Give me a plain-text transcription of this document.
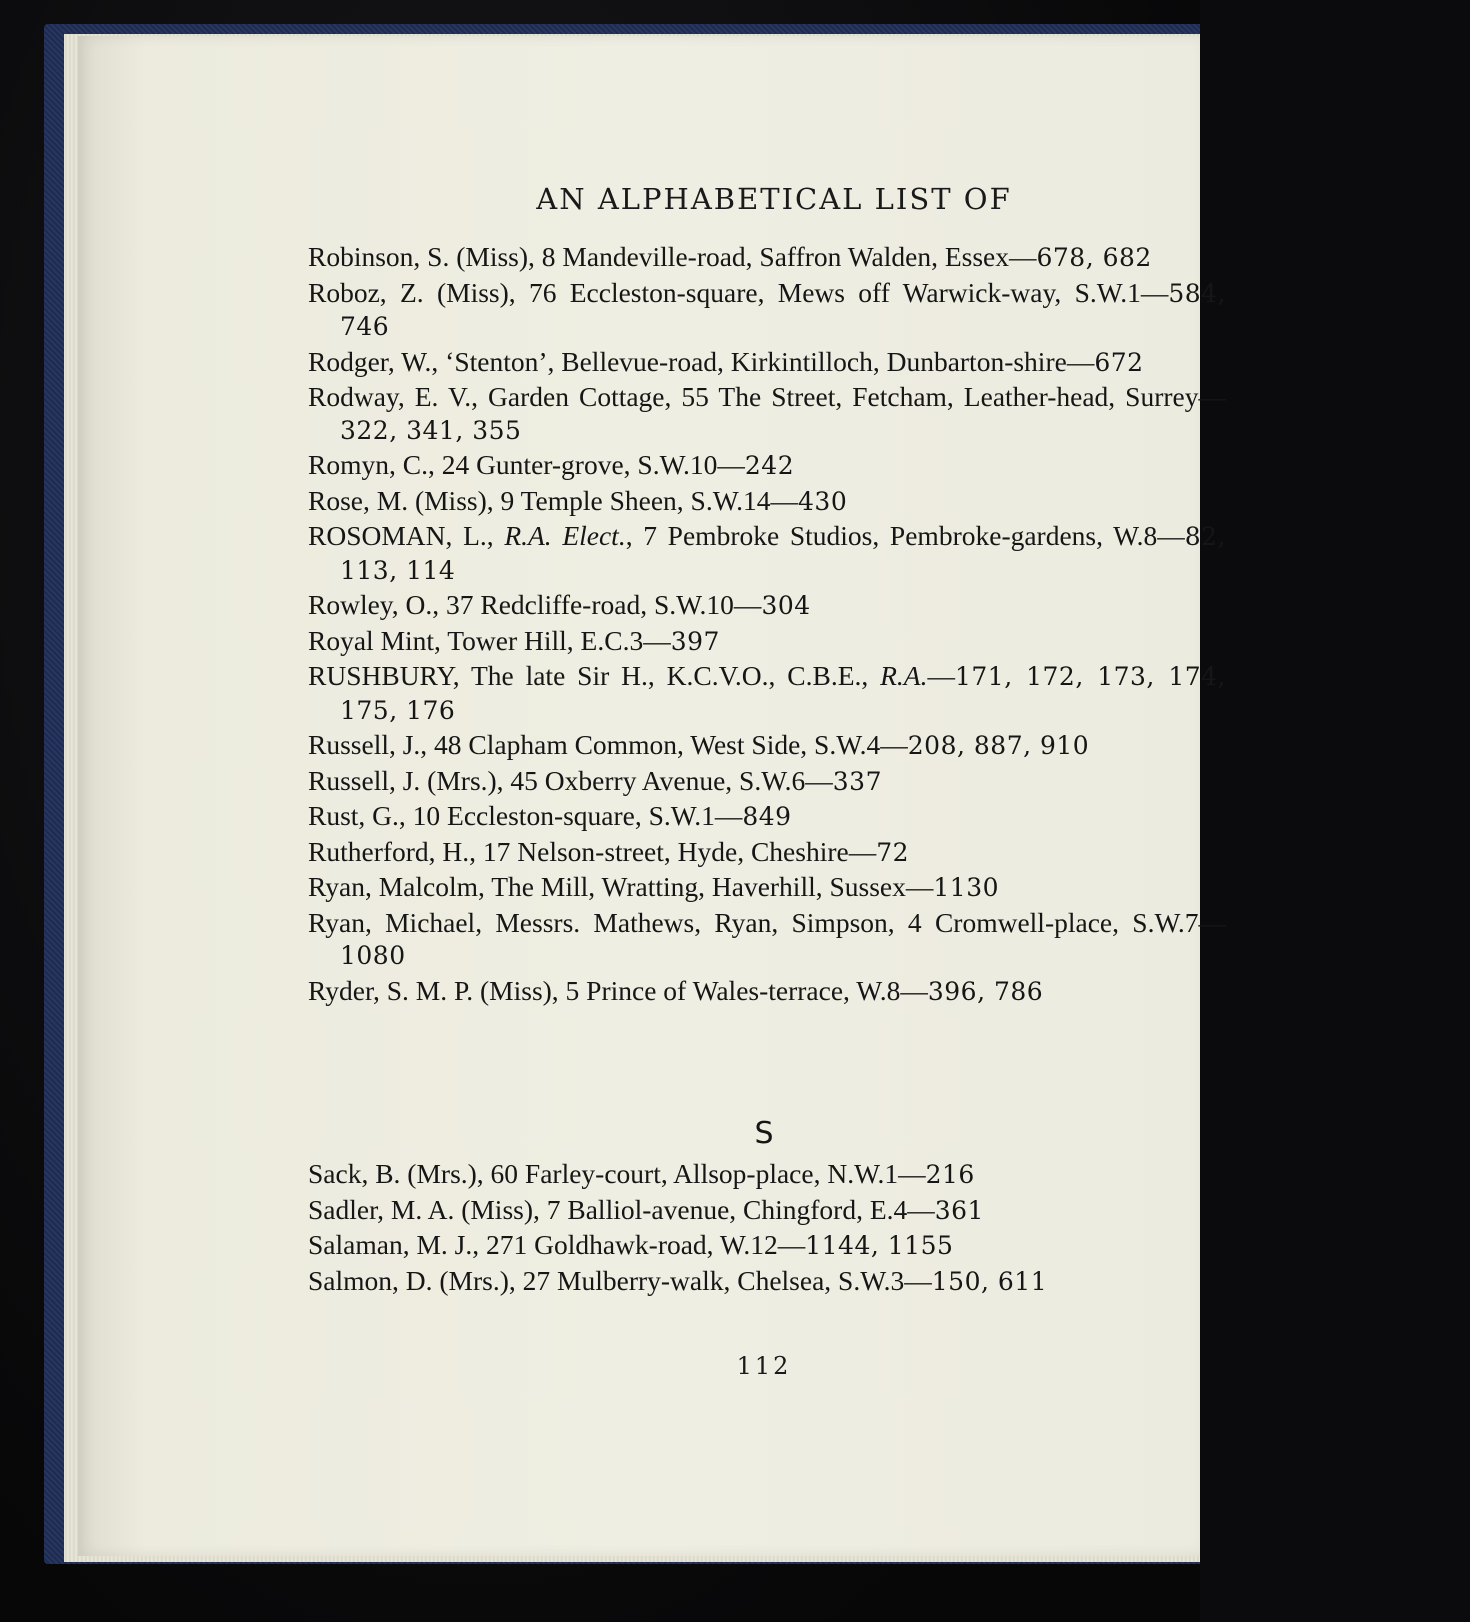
AN ALPHABETICAL LIST OF

Robinson, S. (Miss), 8 Mandeville-road, Saffron Walden, Essex—678, 682

Roboz, Z. (Miss), 76 Eccleston-square, Mews off Warwick-way, S.W.1—584, 746

Rodger, W., ‘Stenton’, Bellevue-road, Kirkintilloch, Dunbarton-shire—672

Rodway, E. V., Garden Cottage, 55 The Street, Fetcham, Leather-head, Surrey—322, 341, 355

Romyn, C., 24 Gunter-grove, S.W.10—242

Rose, M. (Miss), 9 Temple Sheen, S.W.14—430

ROSOMAN, L., R.A. Elect., 7 Pembroke Studios, Pembroke-gardens, W.8—82, 113, 114

Rowley, O., 37 Redcliffe-road, S.W.10—304

Royal Mint, Tower Hill, E.C.3—397

RUSHBURY, The late Sir H., K.C.V.O., C.B.E., R.A.—171, 172, 173, 174, 175, 176

Russell, J., 48 Clapham Common, West Side, S.W.4—208, 887, 910

Russell, J. (Mrs.), 45 Oxberry Avenue, S.W.6—337

Rust, G., 10 Eccleston-square, S.W.1—849

Rutherford, H., 17 Nelson-street, Hyde, Cheshire—72

Ryan, Malcolm, The Mill, Wratting, Haverhill, Sussex—1130

Ryan, Michael, Messrs. Mathews, Ryan, Simpson, 4 Cromwell-place, S.W.7—1080

Ryder, S. M. P. (Miss), 5 Prince of Wales-terrace, W.8—396, 786

S

Sack, B. (Mrs.), 60 Farley-court, Allsop-place, N.W.1—216

Sadler, M. A. (Miss), 7 Balliol-avenue, Chingford, E.4—361

Salaman, M. J., 271 Goldhawk-road, W.12—1144, 1155

Salmon, D. (Mrs.), 27 Mulberry-walk, Chelsea, S.W.3—150, 611

112
